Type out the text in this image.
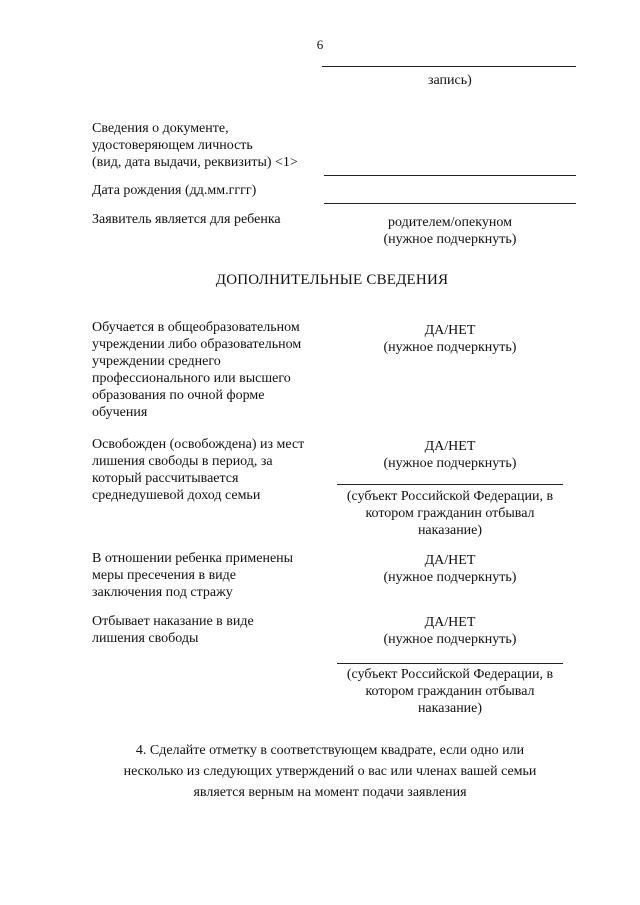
6
запись)
Сведения о документе,
удостоверяющем личность
(вид, дата выдачи, реквизиты) <1>
Дата рождения (дд.мм.гггг)
Заявитель является для ребенка	родителем/опекуном
(нужное подчеркнуть)
ДОПОЛНИТЕЛЬНЫЕ СВЕДЕНИЯ
Обучается в общеобразовательном
учреждении либо образовательном
учреждении среднего
профессионального или высшего
образования по очной форме
обучения
ДА/НЕТ
(нужное подчеркнуть)
Освобожден (освобождена) из мест
лишения свободы в период, за
который рассчитывается
среднедушевой доход семьи
ДА/НЕТ
(нужное подчеркнуть)
(субъект Российской Федерации, в
котором гражданин отбывал
наказание)
В отношении ребенка применены
меры пресечения в виде
заключения под стражу
ДА/НЕТ
(нужное подчеркнуть)
Отбывает наказание в виде
лишения свободы
ДА/НЕТ
(нужное подчеркнуть)
(субъект Российской Федерации, в
котором гражданин отбывал
наказание)
4. Сделайте отметку в соответствующем квадрате, если одно или
несколько из следующих утверждений о вас или членах вашей семьи
является верным на момент подачи заявления
